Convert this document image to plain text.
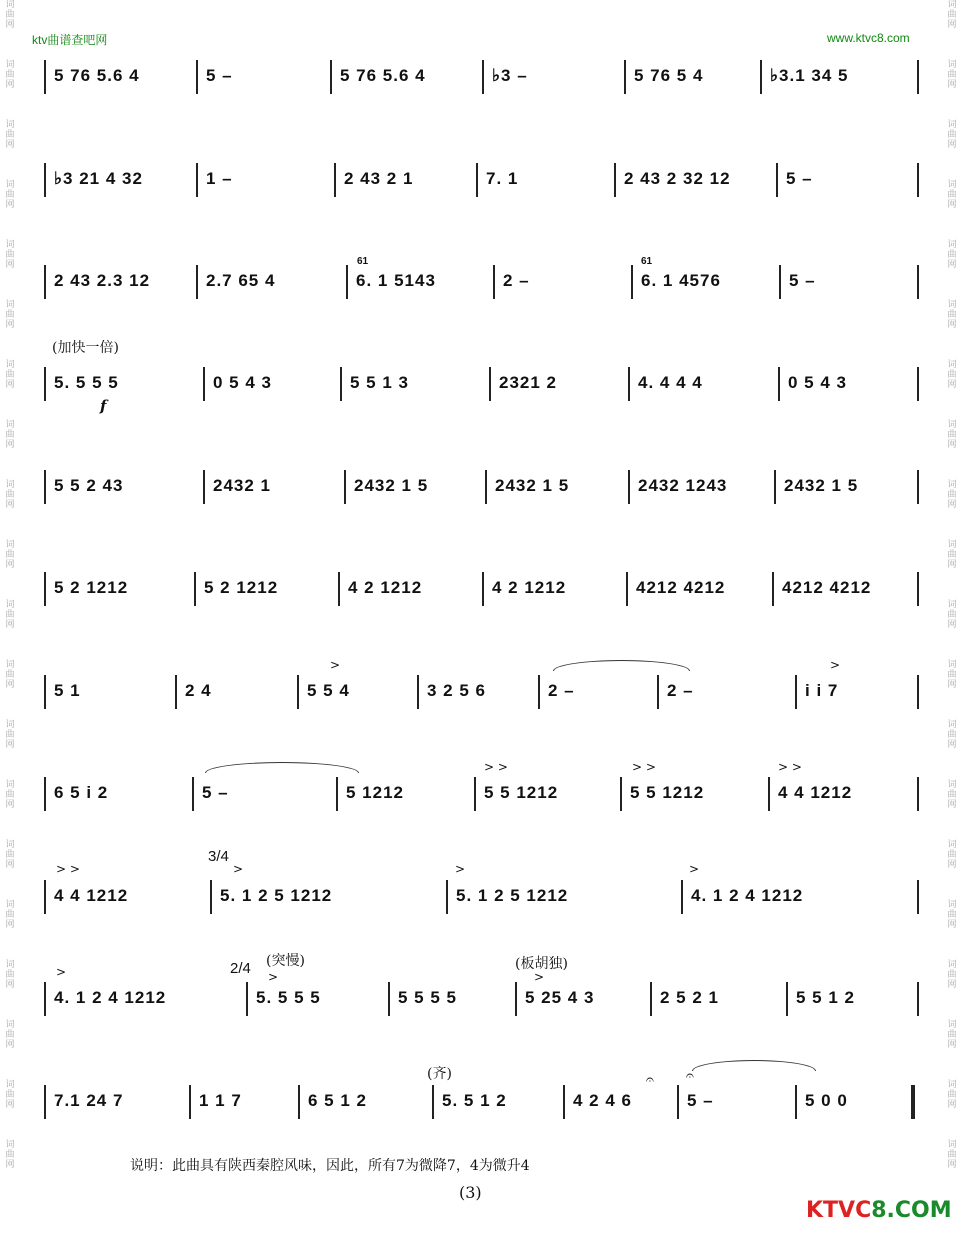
词
曲
网
词
曲
网
词
曲
网
词
曲
网
词
曲
网
词
曲
网
词
曲
网
词
曲
网
词
曲
网
词
曲
网
词
曲
网
词
曲
网
词
曲
网
词
曲
网
词
曲
网
词
曲
网
词
曲
网
词
曲
网
词
曲
网
词
曲
网
词
曲
网
词
曲
网
词
曲
网
词
曲
网
词
曲
网
词
曲
网
词
曲
网
词
曲
网
词
曲
网
词
曲
网
词
曲
网
词
曲
网
词
曲
网
词
曲
网
词
曲
网
词
曲
网
词
曲
网
词
曲
网
词
曲
网
词
曲
网
ktv曲谱查吧网	www.ktvc8.com
5 76 5.6 4	5 –	5 76 5.6 4	♭3 –	5 76 5 4	♭3.1 34 5
♭3 21 4 32	1 –	2 43 2 1	7. 1	2 43 2 32 12	5 –
2 43 2.3 12	2.7 65 4	6. 1 5143	2 –	6. 1 4576	5 –
5. 5 5 5	0 5 4 3	5 5 1 3	2321 2	4. 4 4 4	0 5 4 3
5 5 2 43	2432 1	2432 1 5	2432 1 5	2432 1243	2432 1 5
5 2 1212	5 2 1212	4 2 1212	4 2 1212	4212 4212	4212 4212
5 1	2 4	5 5 4	3 2 5 6	2 –	2 –	i i 7
6 5 i 2	5 –	5 1212	5 5 1212	5 5 1212	4 4 1212
4 4 1212	5. 1 2 5 1212	5. 1 2 5 1212	4. 1 2 4 1212
4. 1 2 4 1212	5. 5 5 5	5 5 5 5	5 25 4 3	2 5 2 1	5 5 1 2
7.1 24 7	1 1 7	6 5 1 2	5. 5 1 2	4 2 4 6	5 –	5 0 0
(加快一倍)
f
3/4
2/4 (突慢)	(板胡独)
(齐)
61	61
𝄐 𝄐
>	>
> >	> >	> >
> >	>	>	>
>	>	>
说明：此曲具有陕西秦腔风味，因此，所有7为微降7，4为微升4
(3)
KTVC8.COM
